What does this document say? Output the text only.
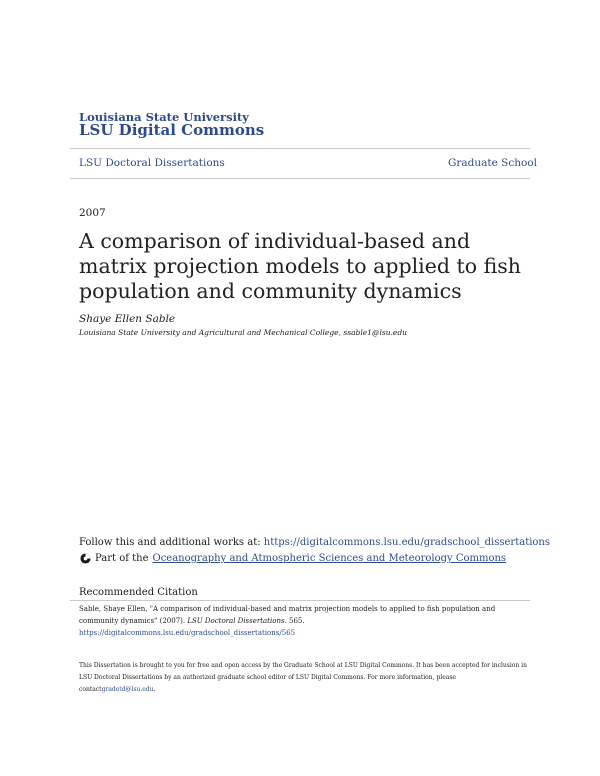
Louisiana State University
LSU Digital Commons
LSU Doctoral Dissertations	Graduate School
2007
A comparison of individual-based and matrix projection models to applied to fish population and community dynamics
Shaye Ellen Sable
Louisiana State University and Agricultural and Mechanical College, ssable1@lsu.edu
Follow this and additional works at: https://digitalcommons.lsu.edu/gradschool_dissertations
Part of the Oceanography and Atmospheric Sciences and Meteorology Commons
Recommended Citation
Sable, Shaye Ellen, "A comparison of individual-based and matrix projection models to applied to fish population and community dynamics" (2007). LSU Doctoral Dissertations. 565.
https://digitalcommons.lsu.edu/gradschool_dissertations/565
This Dissertation is brought to you for free and open access by the Graduate School at LSU Digital Commons. It has been accepted for inclusion in LSU Doctoral Dissertations by an authorized graduate school editor of LSU Digital Commons. For more information, please contactgradetd@lsu.edu.
